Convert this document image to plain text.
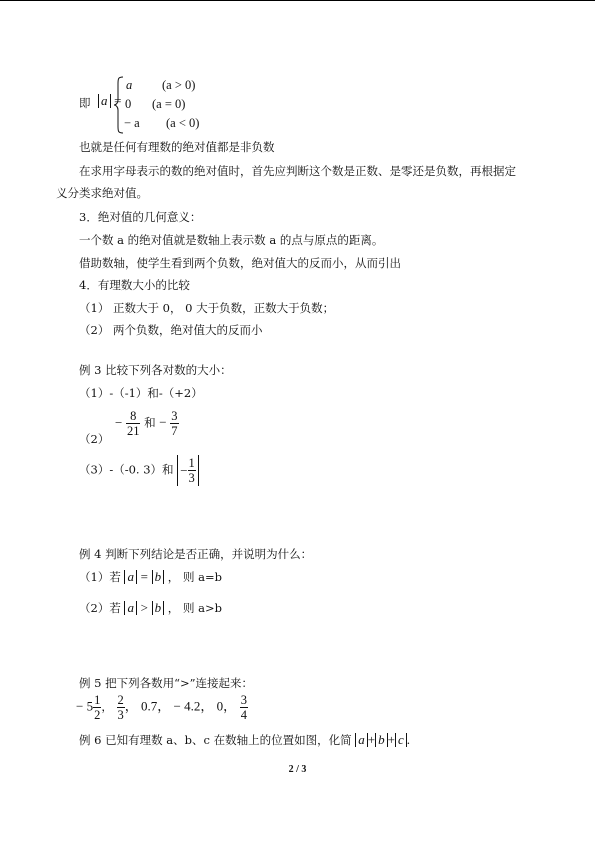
即 a =
a (a > 0)
0 (a = 0)
− a (a < 0)
也就是任何有理数的绝对值都是非负数
在求用字母表示的数的绝对值时，首先应判断这个数是正数、是零还是负数，再根据定
义分类求绝对值。
3．绝对值的几何意义：
一个数 a 的绝对值就是数轴上表示数 a 的点与原点的距离。
借助数轴，使学生看到两个负数，绝对值大的反而小，从而引出
4．有理数大小的比较
（1） 正数大于 0， 0 大于负数，正数大于负数；
（2） 两个负数，绝对值大的反而小
例 3 比较下列各对数的大小：
（1）-（-1）和-（+2）
$(2) - \frac{8}{21}$ 和 − $\frac{3}{7}$
（3）-（-0. 3）和 − $\frac{1}{3}$
例 4 判断下列结论是否正确，并说明为什么：
（1）若 a = b ， 则 a=b
（2）若 a > b ， 则 a>b
例 5 把下列各数用“>”连接起来：
− $5 \frac{1}{2}$ ， $\frac{2}{3}$ ， 0.7， − 4.2， 0， $\frac{3}{4}$
例 6 已知有理数 a、b、c 在数轴上的位置如图，化简 a + b + c .
2 / 3
